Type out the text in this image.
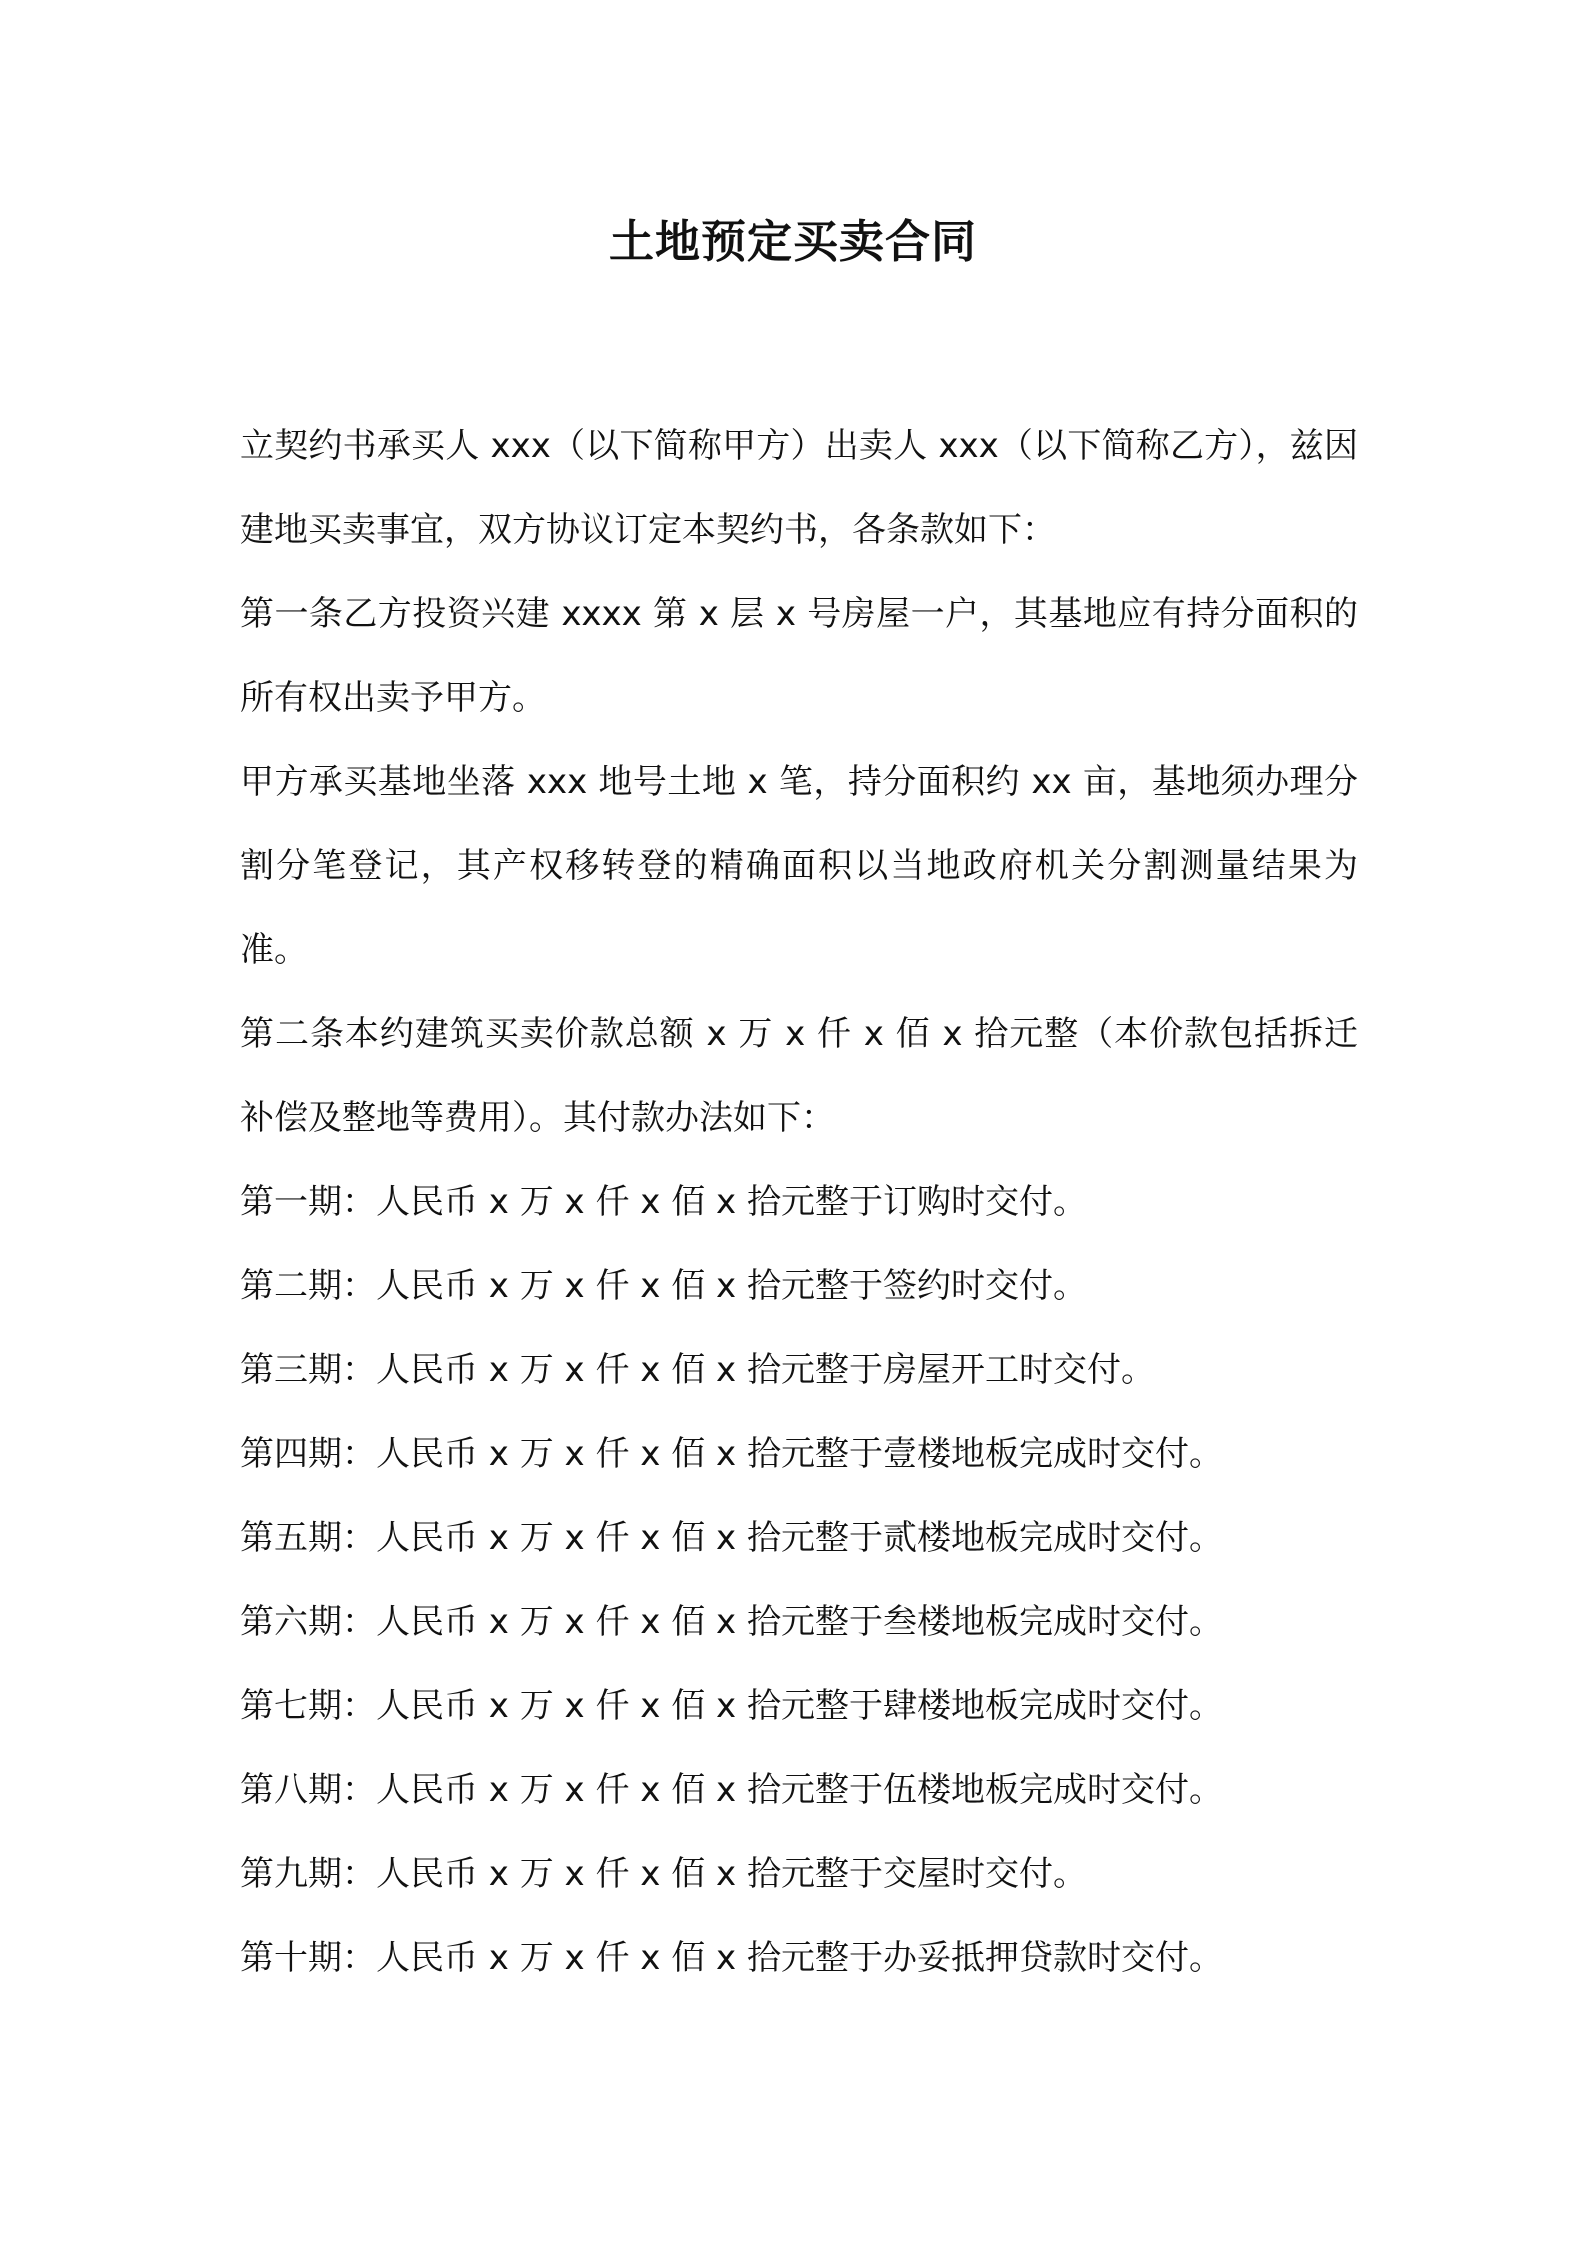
土地预定买卖合同

立契约书承买人 xxx（以下简称甲方）出卖人 xxx（以下简称乙方），兹因建地买卖事宜，双方协议订定本契约书，各条款如下：

第一条乙方投资兴建 xxxx 第 x 层 x 号房屋一户，其基地应有持分面积的所有权出卖予甲方。

甲方承买基地坐落 xxx 地号土地 x 笔，持分面积约 xx 亩，基地须办理分割分笔登记，其产权移转登的精确面积以当地政府机关分割测量结果为准。

第二条本约建筑买卖价款总额 x 万 x 仟 x 佰 x 拾元整（本价款包括拆迁补偿及整地等费用）。其付款办法如下：

第一期：人民币 x 万 x 仟 x 佰 x 拾元整于订购时交付。

第二期：人民币 x 万 x 仟 x 佰 x 拾元整于签约时交付。

第三期：人民币 x 万 x 仟 x 佰 x 拾元整于房屋开工时交付。

第四期：人民币 x 万 x 仟 x 佰 x 拾元整于壹楼地板完成时交付。

第五期：人民币 x 万 x 仟 x 佰 x 拾元整于贰楼地板完成时交付。

第六期：人民币 x 万 x 仟 x 佰 x 拾元整于叁楼地板完成时交付。

第七期：人民币 x 万 x 仟 x 佰 x 拾元整于肆楼地板完成时交付。

第八期：人民币 x 万 x 仟 x 佰 x 拾元整于伍楼地板完成时交付。

第九期：人民币 x 万 x 仟 x 佰 x 拾元整于交屋时交付。

第十期：人民币 x 万 x 仟 x 佰 x 拾元整于办妥抵押贷款时交付。
